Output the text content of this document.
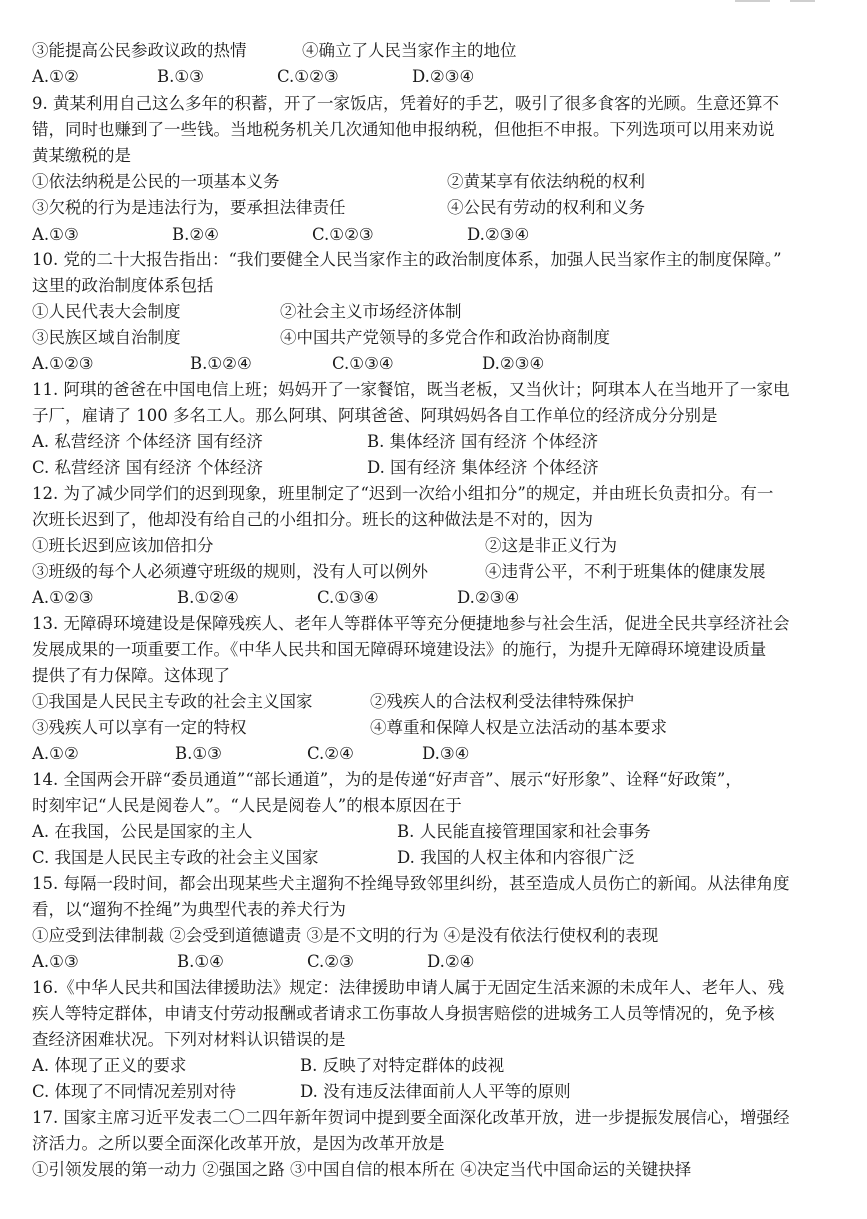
③能提高公民参政议政的热情	④确立了人民当家作主的地位
A.①②	B.①③	C.①②③	D.②③④
9. 黄某利用自己这么多年的积蓄，开了一家饭店，凭着好的手艺，吸引了很多食客的光顾。生意还算不
错，同时也赚到了一些钱。当地税务机关几次通知他申报纳税，但他拒不申报。下列选项可以用来劝说
黄某缴税的是
①依法纳税是公民的一项基本义务	②黄某享有依法纳税的权利
③欠税的行为是违法行为，要承担法律责任	④公民有劳动的权利和义务
A.①③	B.②④	C.①②③	D.②③④
10. 党的二十大报告指出：“我们要健全人民当家作主的政治制度体系，加强人民当家作主的制度保障。”
这里的政治制度体系包括
①人民代表大会制度	②社会主义市场经济体制
③民族区域自治制度	④中国共产党领导的多党合作和政治协商制度
A.①②③	B.①②④	C.①③④	D.②③④
11. 阿琪的爸爸在中国电信上班；妈妈开了一家餐馆，既当老板，又当伙计；阿琪本人在当地开了一家电
子厂，雇请了 100 多名工人。那么阿琪、阿琪爸爸、阿琪妈妈各自工作单位的经济成分分别是
A. 私营经济 个体经济 国有经济	B. 集体经济 国有经济 个体经济
C. 私营经济 国有经济 个体经济	D. 国有经济 集体经济 个体经济
12. 为了减少同学们的迟到现象，班里制定了“迟到一次给小组扣分”的规定，并由班长负责扣分。有一
次班长迟到了，他却没有给自己的小组扣分。班长的这种做法是不对的，因为
①班长迟到应该加倍扣分	②这是非正义行为
③班级的每个人必须遵守班级的规则，没有人可以例外	④违背公平，不利于班集体的健康发展
A.①②③	B.①②④	C.①③④	D.②③④
13. 无障碍环境建设是保障残疾人、老年人等群体平等充分便捷地参与社会生活，促进全民共享经济社会
发展成果的一项重要工作。《中华人民共和国无障碍环境建设法》的施行，为提升无障碍环境建设质量
提供了有力保障。这体现了
①我国是人民民主专政的社会主义国家	②残疾人的合法权利受法律特殊保护
③残疾人可以享有一定的特权	④尊重和保障人权是立法活动的基本要求
A.①②	B.①③	C.②④	D.③④
14. 全国两会开辟“委员通道”“部长通道”，为的是传递“好声音”、展示“好形象”、诠释“好政策”，
时刻牢记“人民是阅卷人”。“人民是阅卷人”的根本原因在于
A. 在我国，公民是国家的主人	B. 人民能直接管理国家和社会事务
C. 我国是人民民主专政的社会主义国家	D. 我国的人权主体和内容很广泛
15. 每隔一段时间，都会出现某些犬主遛狗不拴绳导致邻里纠纷，甚至造成人员伤亡的新闻。从法律角度
看，以“遛狗不拴绳”为典型代表的养犬行为
①应受到法律制裁 ②会受到道德谴责 ③是不文明的行为 ④是没有依法行使权利的表现
A.①③	B.①④	C.②③	D.②④
16.《中华人民共和国法律援助法》规定：法律援助申请人属于无固定生活来源的未成年人、老年人、残
疾人等特定群体，申请支付劳动报酬或者请求工伤事故人身损害赔偿的进城务工人员等情况的，免予核
查经济困难状况。下列对材料认识错误的是
A. 体现了正义的要求	B. 反映了对特定群体的歧视
C. 体现了不同情况差别对待	D. 没有违反法律面前人人平等的原则
17. 国家主席习近平发表二〇二四年新年贺词中提到要全面深化改革开放，进一步提振发展信心，增强经
济活力。之所以要全面深化改革开放，是因为改革开放是
①引领发展的第一动力 ②强国之路 ③中国自信的根本所在 ④决定当代中国命运的关键抉择
